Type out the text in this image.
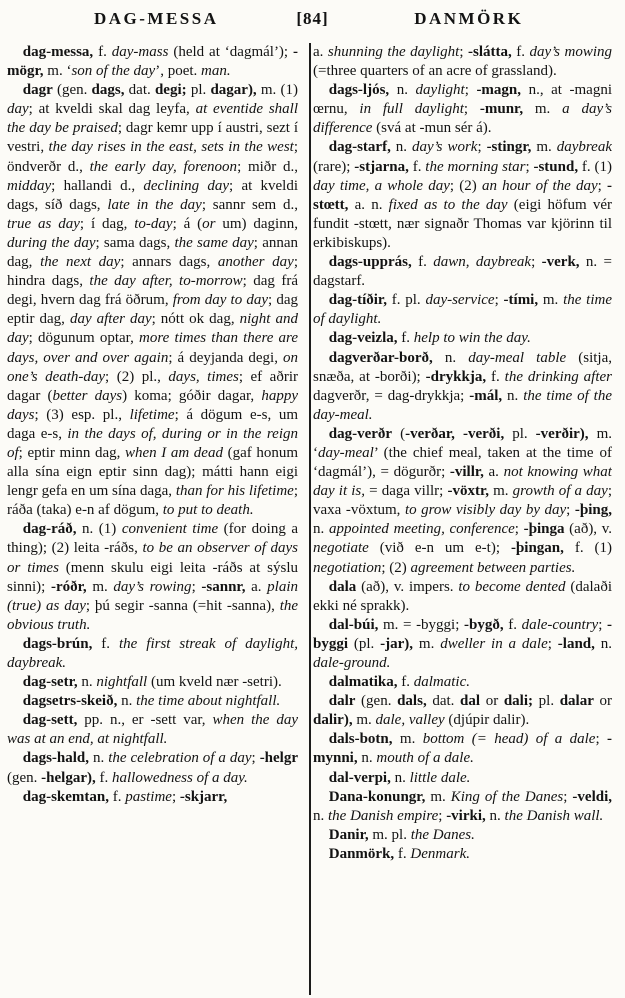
DAG-MESSA	[84]	DANMÖRK

dag-messa, f. day-mass (held at ‘dagmál’); -mögr, m. ‘son of the day’, poet. man.

dagr (gen. dags, dat. degi; pl. dagar), m. (1) day; at kveldi skal dag leyfa, at eventide shall the day be praised; dagr kemr upp í austri, sezt í vestri, the day rises in the east, sets in the west; öndverðr d., the early day, forenoon; miðr d., midday; hallandi d., declining day; at kveldi dags, síð dags, late in the day; sannr sem d., true as day; í dag, to-day; á (or um) daginn, during the day; sama dags, the same day; annan dag, the next day; annars dags, another day; hindra dags, the day after, to-morrow; dag frá degi, hvern dag frá öðrum, from day to day; dag eptir dag, day after day; nótt ok dag, night and day; dögunum optar, more times than there are days, over and over again; á deyjanda degi, on one’s death-day; (2) pl., days, times; ef aðrir dagar (better days) koma; góðir dagar, happy days; (3) esp. pl., lifetime; á dögum e-s, um daga e-s, in the days of, during or in the reign of; eptir minn dag, when I am dead (gaf honum alla sína eign eptir sinn dag); mátti hann eigi lengr gefa en um sína daga, than for his lifetime; ráða (taka) e-n af dögum, to put to death.

dag-ráð, n. (1) convenient time (for doing a thing); (2) leita -ráðs, to be an observer of days or times (menn skulu eigi leita -ráðs at sýslu sinni); -róðr, m. day’s rowing; -sannr, a. plain (true) as day; þú segir -sanna (=hit -sanna), the obvious truth.

dags-brún, f. the first streak of daylight, daybreak.

dag-setr, n. nightfall (um kveld nær -setri).

dagsetrs-skeið, n. the time about nightfall.

dag-sett, pp. n., er -sett var, when the day was at an end, at nightfall.

dags-hald, n. the celebration of a day; -helgr (gen. -helgar), f. hallowedness of a day.

dag-skemtan, f. pastime; -skjarr,

a. shunning the daylight; -slátta, f. day’s mowing (=three quarters of an acre of grassland).

dags-ljós, n. daylight; -magn, n., at -magni œrnu, in full daylight; -munr, m. a day’s difference (svá at -mun sér á).

dag-starf, n. day’s work; -stingr, m. daybreak (rare); -stjarna, f. the morning star; -stund, f. (1) day time, a whole day; (2) an hour of the day; -stœtt, a. n. fixed as to the day (eigi höfum vér fundit -stœtt, nær signaðr Thomas var kjörinn til erkibiskups).

dags-upprás, f. dawn, daybreak; -verk, n. = dagstarf.

dag-tíðir, f. pl. day-service; -tími, m. the time of daylight.

dag-veizla, f. help to win the day.

dagverðar-borð, n. day-meal table (sitja, snæða, at -borði); -drykkja, f. the drinking after dagverðr, = dag-drykkja; -mál, n. the time of the day-meal.

dag-verðr (-verðar, -verði, pl. -verðir), m. ‘day-meal’ (the chief meal, taken at the time of ‘dagmál’), = dögurðr; -villr, a. not knowing what day it is, = daga villr; -vöxtr, m. growth of a day; vaxa -vöxtum, to grow visibly day by day; -þing, n. appointed meeting, conference; -þinga (að), v. negotiate (við e-n um e-t); -þingan, f. (1) negotiation; (2) agreement between parties.

dala (að), v. impers. to become dented (dalaði ekki né sprakk).

dal-búi, m. = -byggi; -bygð, f. dale-country; -byggi (pl. -jar), m. dweller in a dale; -land, n. dale-ground.

dalmatika, f. dalmatic.

dalr (gen. dals, dat. dal or dali; pl. dalar or dalir), m. dale, valley (djúpir dalir).

dals-botn, m. bottom (= head) of a dale; -mynni, n. mouth of a dale.

dal-verpi, n. little dale.

Dana-konungr, m. King of the Danes; -veldi, n. the Danish empire; -virki, n. the Danish wall.

Danir, m. pl. the Danes.

Danmörk, f. Denmark.
